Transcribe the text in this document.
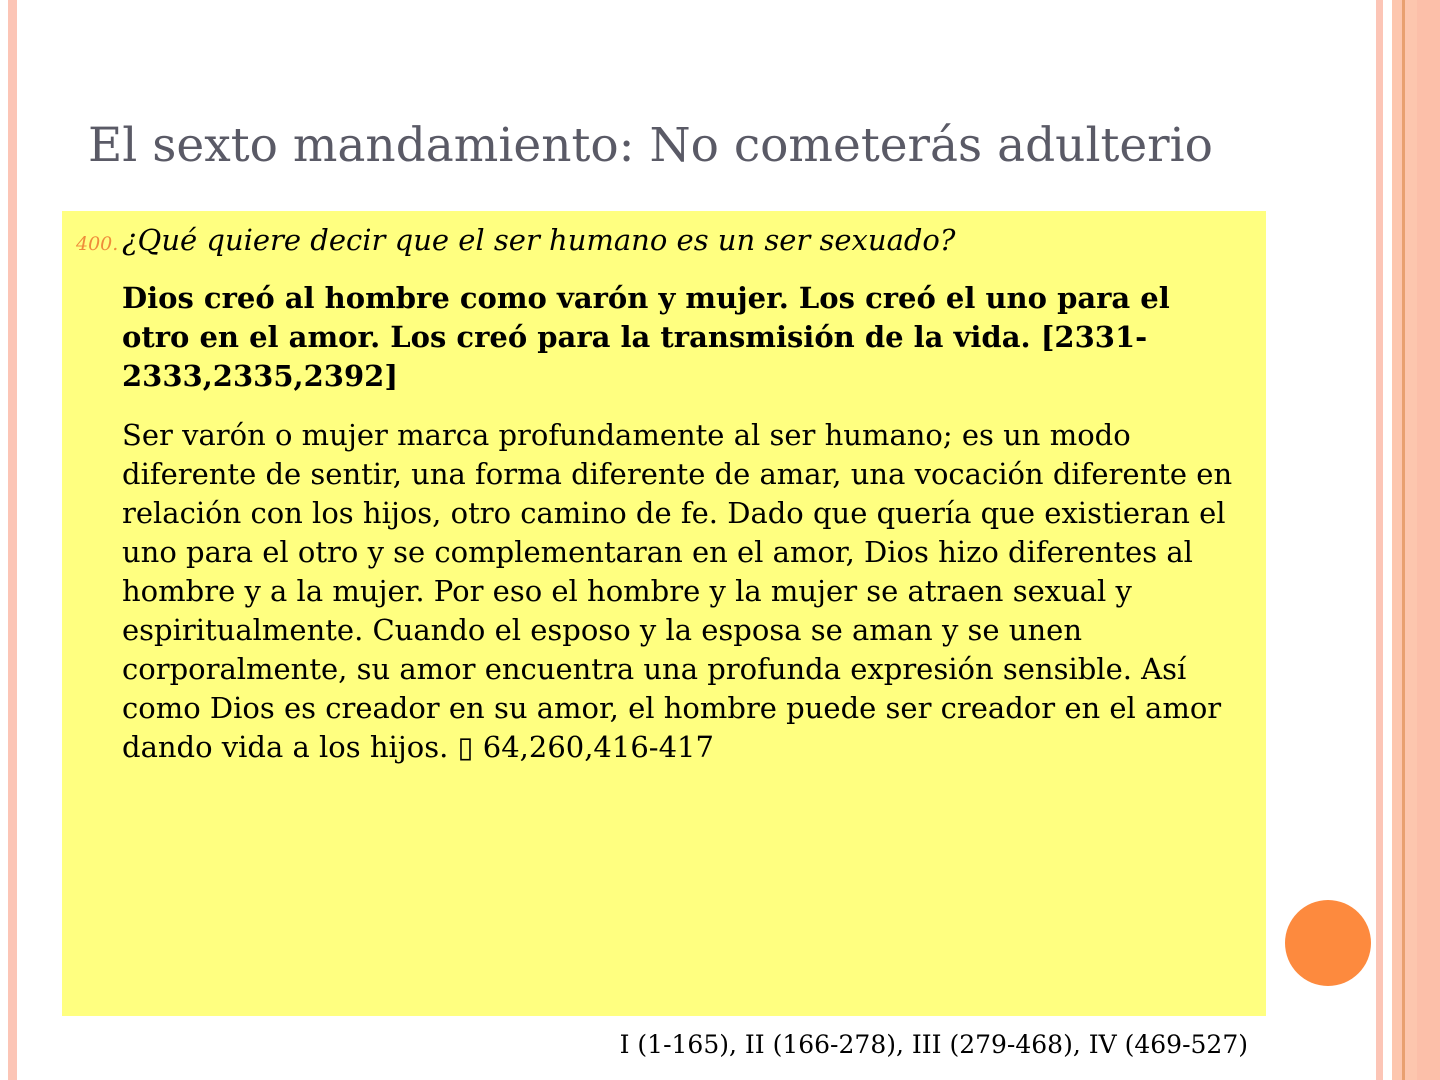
El sexto mandamiento: No cometerás adulterio
400. ¿Qué quiere decir que el ser humano es un ser sexuado?
Dios creó al hombre como varón y mujer. Los creó el uno para el otro en el amor. Los creó para la transmisión de la vida. [2331-2333,2335,2392]
Ser varón o mujer marca profundamente al ser humano; es un modo diferente de sentir, una forma diferente de amar, una vocación diferente en relación con los hijos, otro camino de fe. Dado que quería que existieran el uno para el otro y se complementaran en el amor, Dios hizo diferentes al hombre y a la mujer. Por eso el hombre y la mujer se atraen sexual y espiritualmente. Cuando el esposo y la esposa se aman y se unen corporalmente, su amor encuentra una profunda expresión sensible. Así como Dios es creador en su amor, el hombre puede ser creador en el amor dando vida a los hijos. ▯ 64,260,416-417
I (1-165), II (166-278), III (279-468), IV (469-527)
